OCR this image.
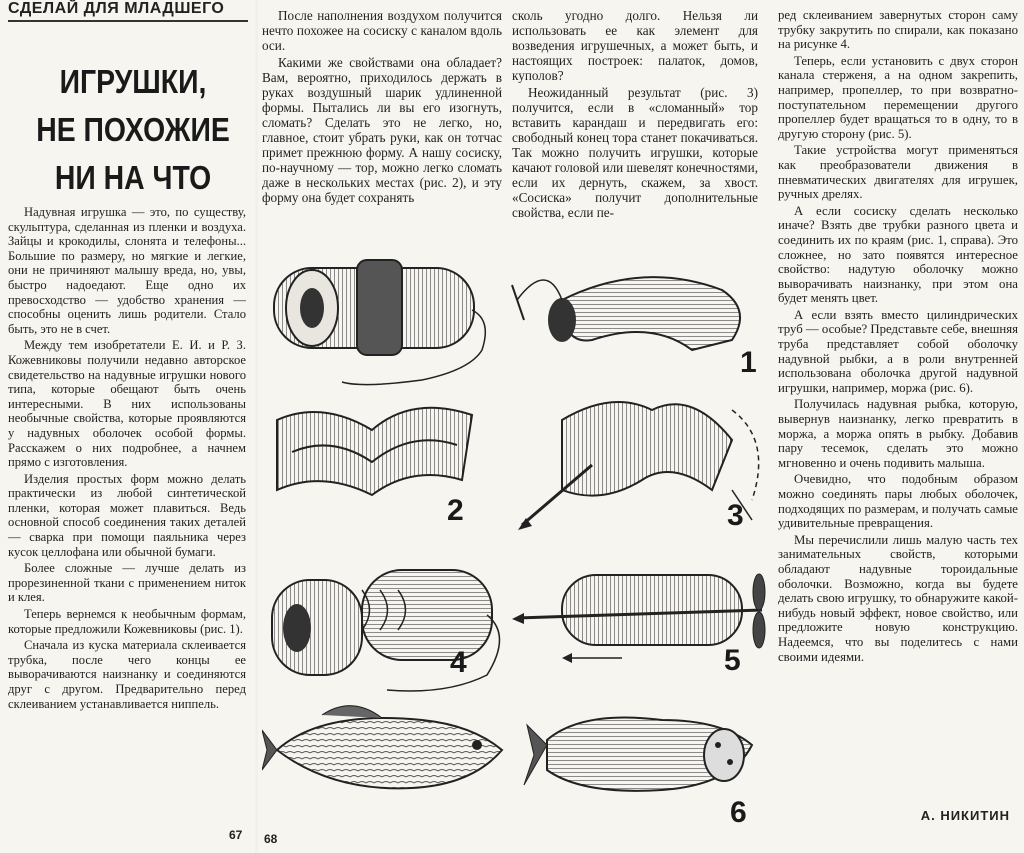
СДЕЛАЙ ДЛЯ МЛАДШЕГО
ИГРУШКИ,
НЕ ПОХОЖИЕ
НИ НА ЧТО

Надувная игрушка — это, по существу, скульптура, сделанная из пленки и воздуха. Зайцы и крокодилы, слонята и телефоны... Большие по размеру, но мягкие и легкие, они не причиняют малышу вреда, но, увы, быстро надоедают. Еще одно их превосходство — удобство хранения — способны оценить лишь родители. Стало быть, это не в счет.

Между тем изобретатели Е. И. и Р. З. Кожевниковы получили недавно авторское свидетельство на надувные игрушки нового типа, которые обещают быть очень интересными. В них использованы необычные свойства, которые проявляются у надувных оболочек особой формы. Расскажем о них подробнее, а начнем прямо с изготовления.

Изделия простых форм можно делать практически из любой синтетической пленки, которая может плавиться. Ведь основной способ соединения таких деталей — сварка при помощи паяльника через кусок целлофана или обычной бумаги.

Более сложные — лучше делать из прорезиненной ткани с применением ниток и клея.

Теперь вернемся к необычным формам, которые предложили Кожевниковы (рис. 1).

Сначала из куска материала склеивается трубка, после чего концы ее выворачиваются наизнанку и соединяются друг с другом. Предварительно перед склеиванием устанавливается ниппель.

После наполнения воздухом получится нечто похожее на сосиску с каналом вдоль оси.

Какими же свойствами она обладает? Вам, вероятно, приходилось держать в руках воздушный шарик удлиненной формы. Пытались ли вы его изогнуть, сломать? Сделать это не легко, но, главное, стоит убрать руки, как он тотчас примет прежнюю форму. А нашу сосиску, по-научному — тор, можно легко сломать даже в нескольких местах (рис. 2), и эту форму она будет сохранять

сколь угодно долго. Нельзя ли использовать ее как элемент для возведения игрушечных, а может быть, и настоящих построек: палаток, домов, куполов?

Неожиданный результат (рис. 3) получится, если в «сломанный» тор вставить карандаш и передвигать его: свободный конец тора станет покачиваться. Так можно получить игрушки, которые качают головой или шевелят конечностями, если их дернуть, скажем, за хвост. «Сосиска» получит дополнительные свойства, если пе-

ред склеиванием завернутых сторон саму трубку закрутить по спирали, как показано на рисунке 4.

Теперь, если установить с двух сторон канала стерженя, а на одном закрепить, например, пропеллер, то при возвратно-поступательном перемещении другого пропеллер будет вращаться то в одну, то в другую сторону (рис. 5).

Такие устройства могут применяться как преобразователи движения в пневматических двигателях для игрушек, ручных дрелях.

А если сосиску сделать несколько иначе? Взять две трубки разного цвета и соединить их по краям (рис. 1, справа). Это сложнее, но зато появятся интересное свойство: надутую оболочку можно выворачивать наизнанку, при этом она будет менять цвет.

А если взять вместо цилиндрических труб — особые? Представьте себе, внешняя труба представляет собой оболочку надувной рыбки, а в роли внутренней использована оболочка другой надувной игрушки, например, моржа (рис. 6).

Получилась надувная рыбка, которую, вывернув наизнанку, легко превратить в моржа, а моржа опять в рыбку. Добавив пару тесемок, сделать это можно мгновенно и очень подивить малыша.

Очевидно, что подобным образом можно соединять пары любых оболочек, подходящих по размерам, и получать самые удивительные превращения.

Мы перечислили лишь малую часть тех занимательных свойств, которыми обладают надувные тороидальные оболочки. Возможно, когда вы будете делать свою игрушку, то обнаружите какой-нибудь новый эффект, новое свойство, или предложите новую конструкцию. Надеемся, что вы поделитесь с нами своими идеями.

1
2	3
4	5
6
67 68
А. НИКИТИН
